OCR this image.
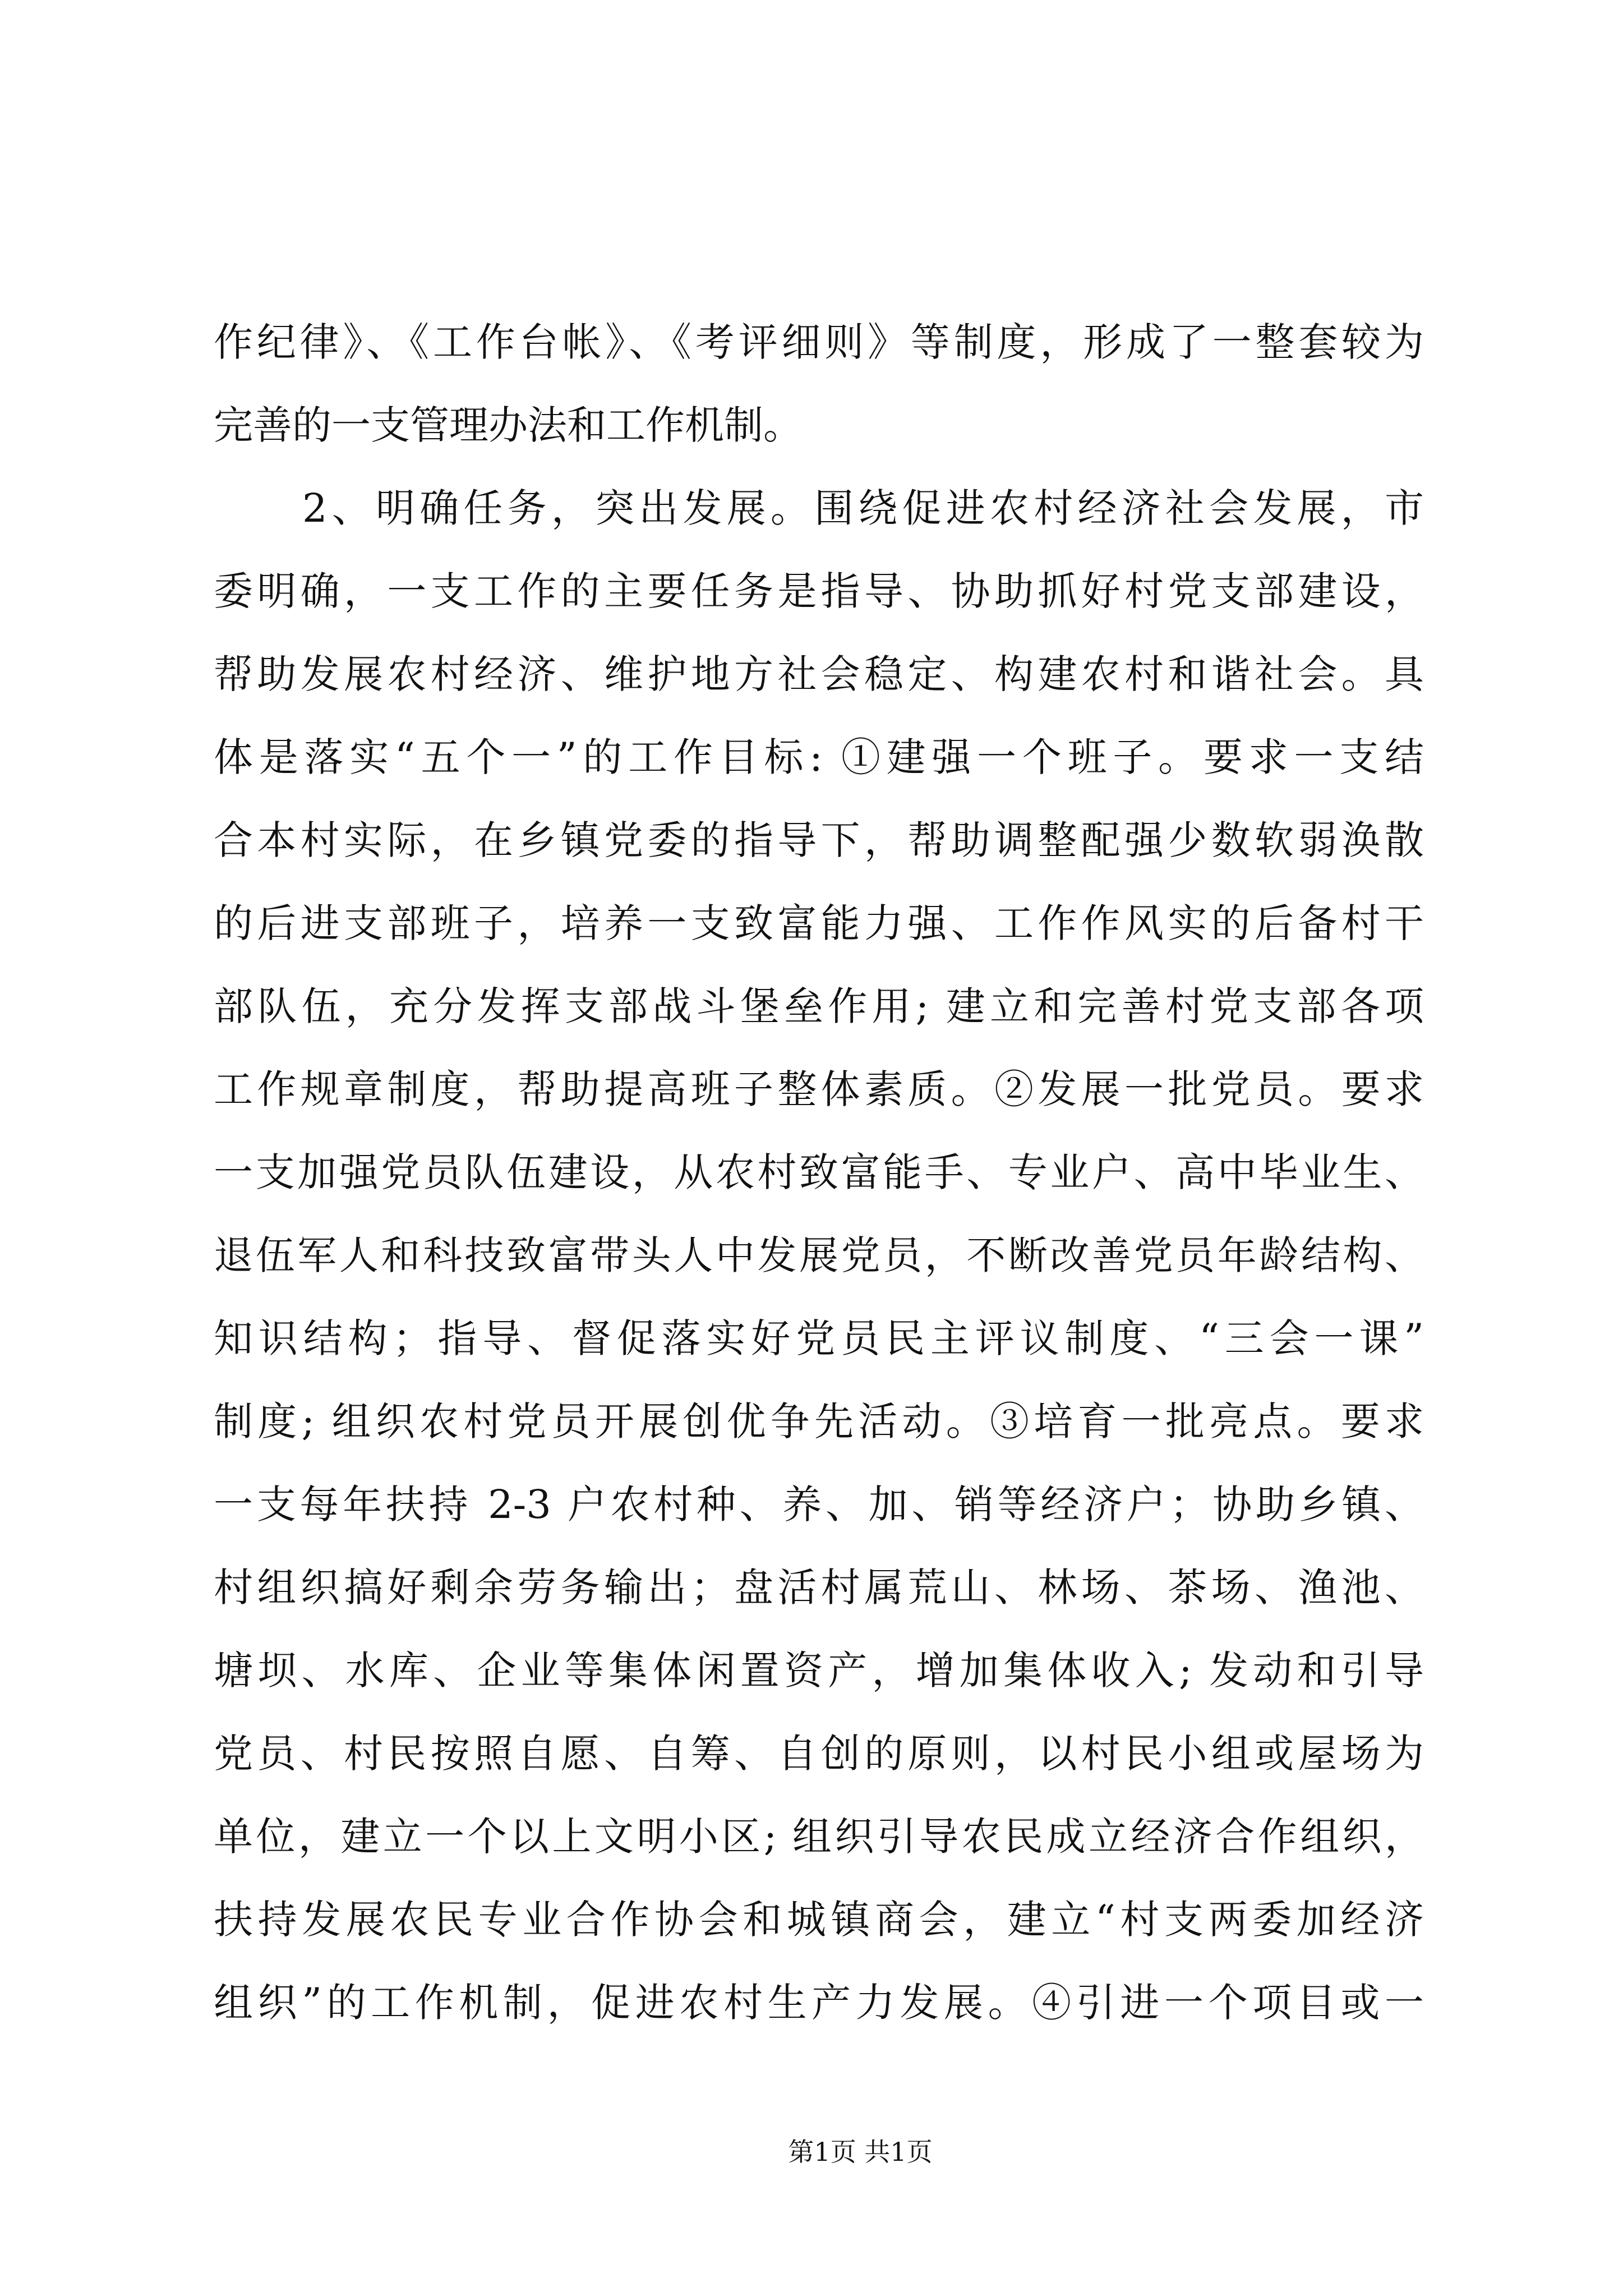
作纪律》、《工作台帐》、《考评细则》等制度，形成了一整套较为
完善的一支管理办法和工作机制。
2、明确任务，突出发展。围绕促进农村经济社会发展，市
委明确，一支工作的主要任务是指导、协助抓好村党支部建设，
帮助发展农村经济、维护地方社会稳定、构建农村和谐社会。具
体是落实“五个一”的工作目标: ①建强一个班子。要求一支结
合本村实际，在乡镇党委的指导下，帮助调整配强少数软弱涣散
的后进支部班子，培养一支致富能力强、工作作风实的后备村干
部队伍，充分发挥支部战斗堡垒作用; 建立和完善村党支部各项
工作规章制度，帮助提高班子整体素质。②发展一批党员。要求
一支加强党员队伍建设，从农村致富能手、专业户、高中毕业生、
退伍军人和科技致富带头人中发展党员，不断改善党员年龄结构、
知识结构；指导、督促落实好党员民主评议制度、“三会一课”
制度; 组织农村党员开展创优争先活动。③培育一批亮点。要求
一支每年扶持 2-3 户农村种、养、加、销等经济户；协助乡镇、
村组织搞好剩余劳务输出；盘活村属荒山、林场、茶场、渔池、
塘坝、水库、企业等集体闲置资产，增加集体收入; 发动和引导
党员、村民按照自愿、自筹、自创的原则，以村民小组或屋场为
单位，建立一个以上文明小区; 组织引导农民成立经济合作组织，
扶持发展农民专业合作协会和城镇商会，建立“村支两委加经济
组织”的工作机制，促进农村生产力发展。④引进一个项目或一
第1页 共1页
